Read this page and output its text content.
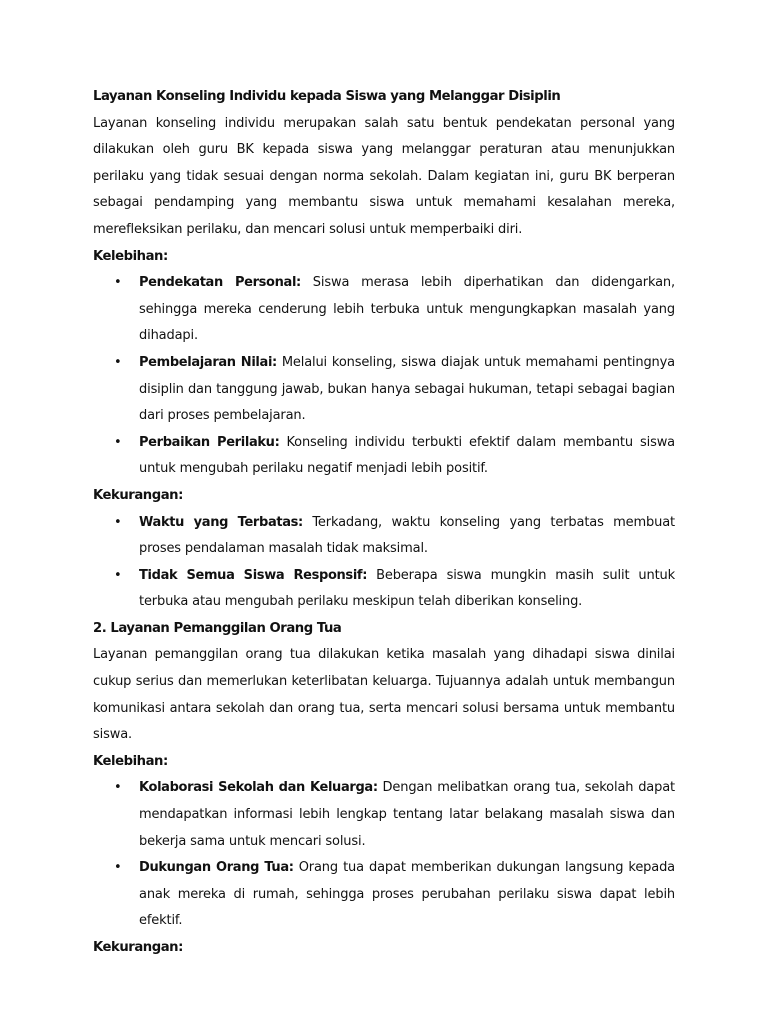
Layanan Konseling Individu kepada Siswa yang Melanggar Disiplin

Layanan konseling individu merupakan salah satu bentuk pendekatan personal yang dilakukan oleh guru BK kepada siswa yang melanggar peraturan atau menunjukkan perilaku yang tidak sesuai dengan norma sekolah. Dalam kegiatan ini, guru BK berperan sebagai pendamping yang membantu siswa untuk memahami kesalahan mereka, merefleksikan perilaku, dan mencari solusi untuk memperbaiki diri.

Kelebihan:
• Pendekatan Personal: Siswa merasa lebih diperhatikan dan didengarkan, sehingga mereka cenderung lebih terbuka untuk mengungkapkan masalah yang dihadapi.
• Pembelajaran Nilai: Melalui konseling, siswa diajak untuk memahami pentingnya disiplin dan tanggung jawab, bukan hanya sebagai hukuman, tetapi sebagai bagian dari proses pembelajaran.
• Perbaikan Perilaku: Konseling individu terbukti efektif dalam membantu siswa untuk mengubah perilaku negatif menjadi lebih positif.
Kekurangan:
• Waktu yang Terbatas: Terkadang, waktu konseling yang terbatas membuat proses pendalaman masalah tidak maksimal.
• Tidak Semua Siswa Responsif: Beberapa siswa mungkin masih sulit untuk terbuka atau mengubah perilaku meskipun telah diberikan konseling.
2. Layanan Pemanggilan Orang Tua

Layanan pemanggilan orang tua dilakukan ketika masalah yang dihadapi siswa dinilai cukup serius dan memerlukan keterlibatan keluarga. Tujuannya adalah untuk membangun komunikasi antara sekolah dan orang tua, serta mencari solusi bersama untuk membantu siswa.

Kelebihan:
• Kolaborasi Sekolah dan Keluarga: Dengan melibatkan orang tua, sekolah dapat mendapatkan informasi lebih lengkap tentang latar belakang masalah siswa dan bekerja sama untuk mencari solusi.
• Dukungan Orang Tua: Orang tua dapat memberikan dukungan langsung kepada anak mereka di rumah, sehingga proses perubahan perilaku siswa dapat lebih efektif.
Kekurangan:
